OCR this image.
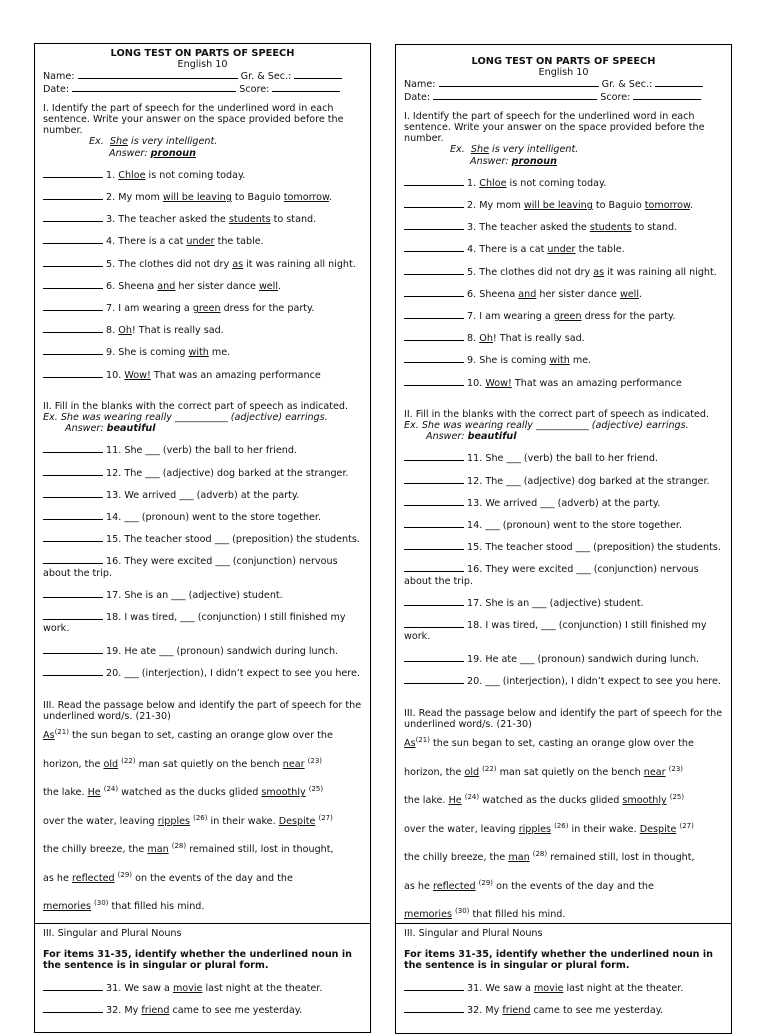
LONG TEST ON PARTS OF SPEECH
English 10
Name:	Gr. & Sec.:
Date:	Score:
I. Identify the part of speech for the underlined word in each sentence. Write your answer on the space provided before the number.
Ex. She is very intelligent.
Answer: pronoun
1. Chloe is not coming today.
2. My mom will be leaving to Baguio tomorrow.
3. The teacher asked the students to stand.
4. There is a cat under the table.
5. The clothes did not dry as it was raining all night.
6. Sheena and her sister dance well.
7. I am wearing a green dress for the party.
8. Oh! That is really sad.
9. She is coming with me.
10. Wow! That was an amazing performance
II. Fill in the blanks with the correct part of speech as indicated.
Ex. She was wearing really ___________ (adjective) earrings.
Answer: beautiful
11. She ___ (verb) the ball to her friend.
12. The ___ (adjective) dog barked at the stranger.
13. We arrived ___ (adverb) at the party.
14. ___ (pronoun) went to the store together.
15. The teacher stood ___ (preposition) the students.
16. They were excited ___ (conjunction) nervous about the trip.
17. She is an ___ (adjective) student.
18. I was tired, ___ (conjunction) I still finished my work.
19. He ate ___ (pronoun) sandwich during lunch.
20. ___ (interjection), I didn’t expect to see you here.
III. Read the passage below and identify the part of speech for the underlined word/s. (21-30)

As$^{(21)}$ the sun began to set, casting an orange glow over the

horizon, the old $^{(22)}$ man sat quietly on the bench near $^{(23)}$

the lake. He $^{(24)}$ watched as the ducks glided smoothly $^{(25)}$

over the water, leaving ripples $^{(26)}$ in their wake. Despite $^{(27)}$

the chilly breeze, the man $^{(28)}$ remained still, lost in thought,

as he reflected $^{(29)}$ on the events of the day and the

memories $^{(30)}$ that filled his mind.

III. Singular and Plural Nouns
For items 31-35, identify whether the underlined noun in the sentence is in singular or plural form.
31. We saw a movie last night at the theater.
32. My friend came to see me yesterday.
LONG TEST ON PARTS OF SPEECH
English 10
Name:	Gr. & Sec.:
Date:	Score:
I. Identify the part of speech for the underlined word in each sentence. Write your answer on the space provided before the number.
Ex. She is very intelligent.
Answer: pronoun
1. Chloe is not coming today.
2. My mom will be leaving to Baguio tomorrow.
3. The teacher asked the students to stand.
4. There is a cat under the table.
5. The clothes did not dry as it was raining all night.
6. Sheena and her sister dance well.
7. I am wearing a green dress for the party.
8. Oh! That is really sad.
9. She is coming with me.
10. Wow! That was an amazing performance
II. Fill in the blanks with the correct part of speech as indicated.
Ex. She was wearing really ___________ (adjective) earrings.
Answer: beautiful
11. She ___ (verb) the ball to her friend.
12. The ___ (adjective) dog barked at the stranger.
13. We arrived ___ (adverb) at the party.
14. ___ (pronoun) went to the store together.
15. The teacher stood ___ (preposition) the students.
16. They were excited ___ (conjunction) nervous about the trip.
17. She is an ___ (adjective) student.
18. I was tired, ___ (conjunction) I still finished my work.
19. He ate ___ (pronoun) sandwich during lunch.
20. ___ (interjection), I didn’t expect to see you here.
III. Read the passage below and identify the part of speech for the underlined word/s. (21-30)

As$^{(21)}$ the sun began to set, casting an orange glow over the

horizon, the old $^{(22)}$ man sat quietly on the bench near $^{(23)}$

the lake. He $^{(24)}$ watched as the ducks glided smoothly $^{(25)}$

over the water, leaving ripples $^{(26)}$ in their wake. Despite $^{(27)}$

the chilly breeze, the man $^{(28)}$ remained still, lost in thought,

as he reflected $^{(29)}$ on the events of the day and the

memories $^{(30)}$ that filled his mind.

III. Singular and Plural Nouns
For items 31-35, identify whether the underlined noun in the sentence is in singular or plural form.
31. We saw a movie last night at the theater.
32. My friend came to see me yesterday.
